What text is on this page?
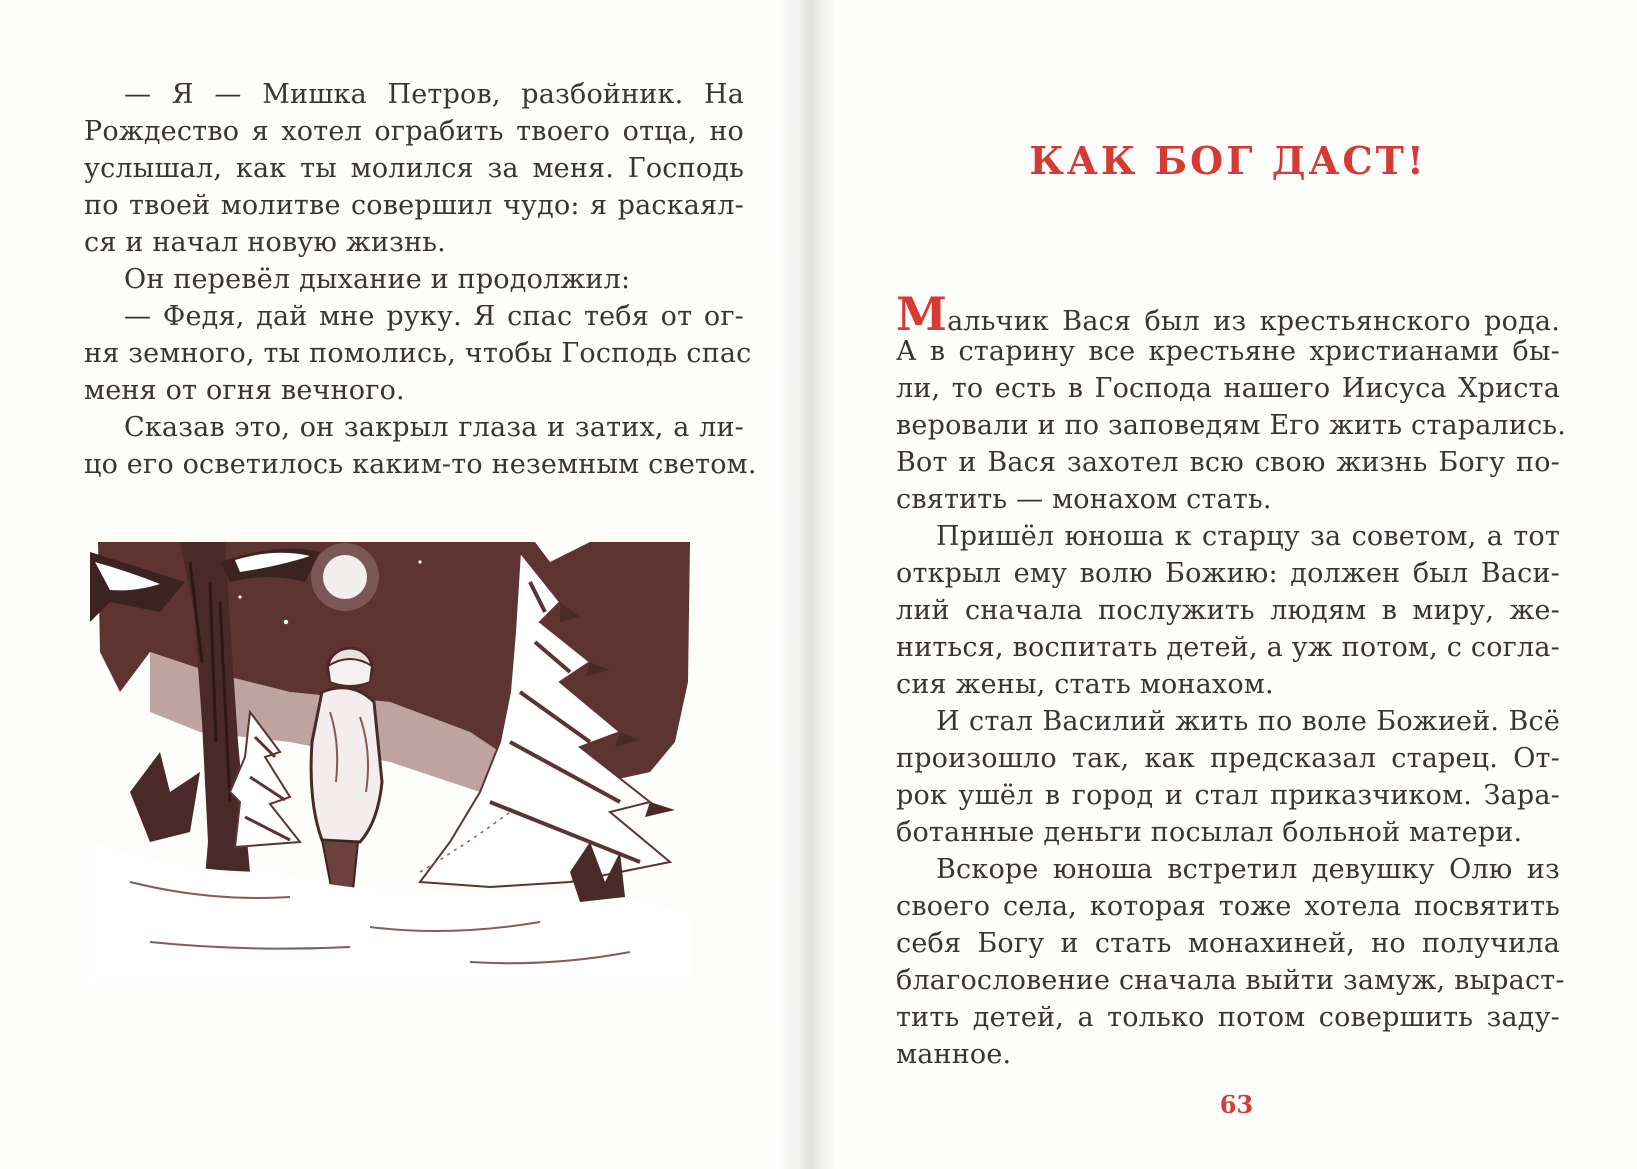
— Я — Мишка Петров, разбойник. На
Рождество я хотел ограбить твоего отца, но
услышал, как ты молился за меня. Господь
по твоей молитве совершил чудо: я раскаял-
ся и начал новую жизнь.
Он перевёл дыхание и продолжил:
— Федя, дай мне руку. Я спас тебя от ог-
ня земного, ты помолись, чтобы Господь спас
меня от огня вечного.
Сказав это, он закрыл глаза и затих, а ли-
цо его осветилось каким-то неземным светом.
КАК БОГ ДАСТ!
Мальчик Вася был из крестьянского рода.
А в старину все крестьяне христианами бы-
ли, то есть в Господа нашего Иисуса Христа
веровали и по заповедям Его жить старались.
Вот и Вася захотел всю свою жизнь Богу по-
святить — монахом стать.
Пришёл юноша к старцу за советом, а тот
открыл ему волю Божию: должен был Васи-
лий сначала послужить людям в миру, же-
ниться, воспитать детей, а уж потом, с согла-
сия жены, стать монахом.
И стал Василий жить по воле Божией. Всё
произошло так, как предсказал старец. От-
рок ушёл в город и стал приказчиком. Зара-
ботанные деньги посылал больной матери.
Вскоре юноша встретил девушку Олю из
своего села, которая тоже хотела посвятить
себя Богу и стать монахиней, но получила
благословение сначала выйти замуж, выраст-
тить детей, а только потом совершить заду-
манное.
63
